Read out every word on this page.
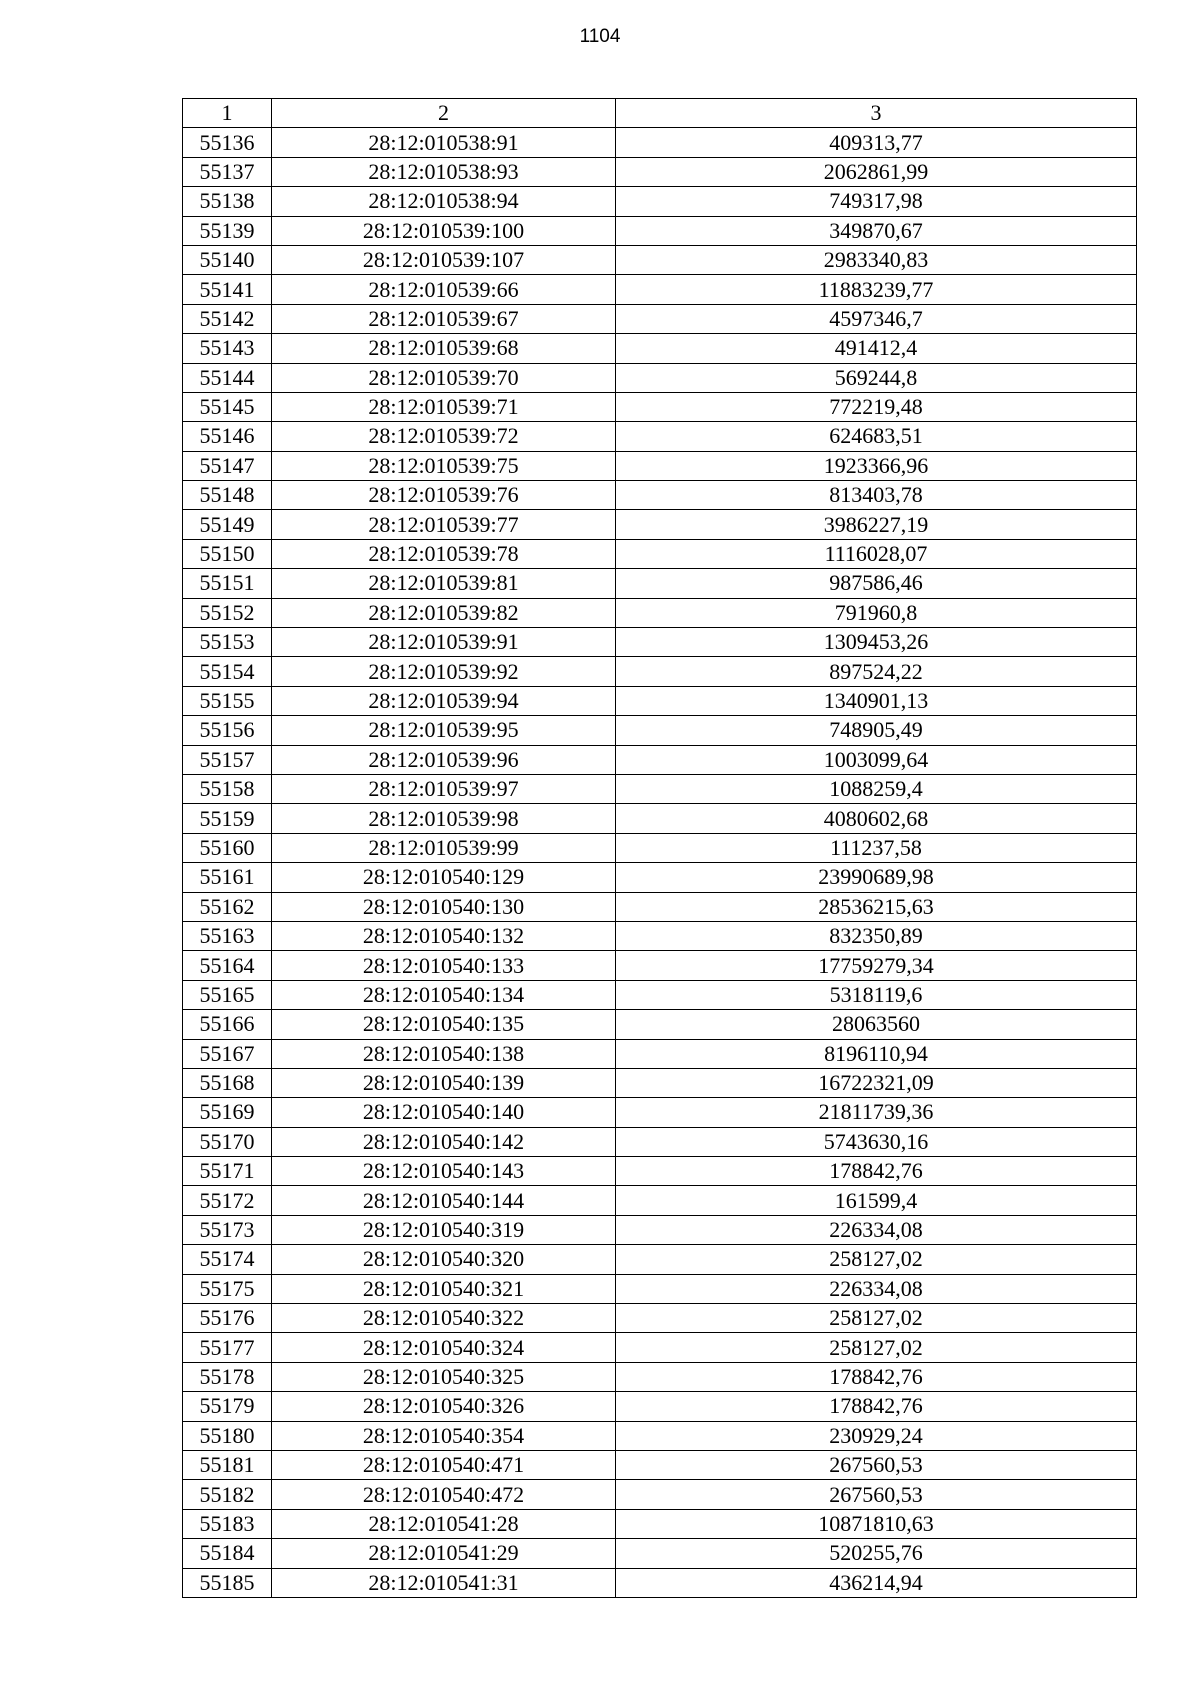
1104
1	2	3
55136	28:12:010538:91	409313,77
55137	28:12:010538:93	2062861,99
55138	28:12:010538:94	749317,98
55139	28:12:010539:100	349870,67
55140	28:12:010539:107	2983340,83
55141	28:12:010539:66	11883239,77
55142	28:12:010539:67	4597346,7
55143	28:12:010539:68	491412,4
55144	28:12:010539:70	569244,8
55145	28:12:010539:71	772219,48
55146	28:12:010539:72	624683,51
55147	28:12:010539:75	1923366,96
55148	28:12:010539:76	813403,78
55149	28:12:010539:77	3986227,19
55150	28:12:010539:78	1116028,07
55151	28:12:010539:81	987586,46
55152	28:12:010539:82	791960,8
55153	28:12:010539:91	1309453,26
55154	28:12:010539:92	897524,22
55155	28:12:010539:94	1340901,13
55156	28:12:010539:95	748905,49
55157	28:12:010539:96	1003099,64
55158	28:12:010539:97	1088259,4
55159	28:12:010539:98	4080602,68
55160	28:12:010539:99	111237,58
55161	28:12:010540:129	23990689,98
55162	28:12:010540:130	28536215,63
55163	28:12:010540:132	832350,89
55164	28:12:010540:133	17759279,34
55165	28:12:010540:134	5318119,6
55166	28:12:010540:135	28063560
55167	28:12:010540:138	8196110,94
55168	28:12:010540:139	16722321,09
55169	28:12:010540:140	21811739,36
55170	28:12:010540:142	5743630,16
55171	28:12:010540:143	178842,76
55172	28:12:010540:144	161599,4
55173	28:12:010540:319	226334,08
55174	28:12:010540:320	258127,02
55175	28:12:010540:321	226334,08
55176	28:12:010540:322	258127,02
55177	28:12:010540:324	258127,02
55178	28:12:010540:325	178842,76
55179	28:12:010540:326	178842,76
55180	28:12:010540:354	230929,24
55181	28:12:010540:471	267560,53
55182	28:12:010540:472	267560,53
55183	28:12:010541:28	10871810,63
55184	28:12:010541:29	520255,76
55185	28:12:010541:31	436214,94
